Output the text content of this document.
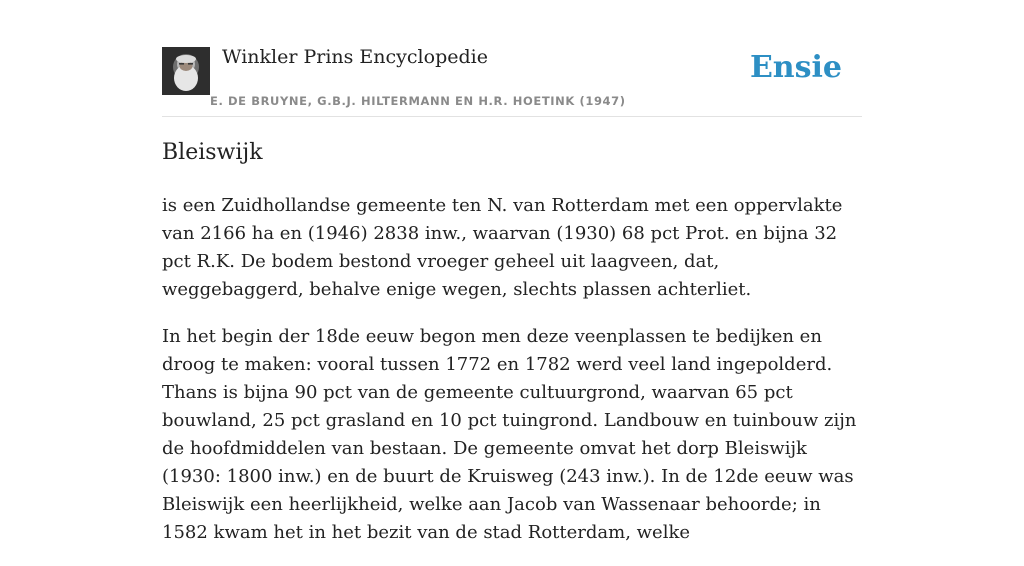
Winkler Prins Encyclopedie
E. DE BRUYNE, G.B.J. HILTERMANN EN H.R. HOETINK (1947)
Ensie
Bleiswijk

is een Zuidhollandse gemeente ten N. van Rotterdam met een oppervlakte van 2166 ha en (1946) 2838 inw., waarvan (1930) 68 pct Prot. en bijna 32 pct R.K. De bodem bestond vroeger geheel uit laagveen, dat, weggebaggerd, behalve enige wegen, slechts plassen achterliet.

In het begin der 18de eeuw begon men deze veenplassen te bedijken en droog te maken: vooral tussen 1772 en 1782 werd veel land ingepolderd. Thans is bijna 90 pct van de gemeente cultuurgrond, waarvan 65 pct bouwland, 25 pct grasland en 10 pct tuingrond. Landbouw en tuinbouw zijn de hoofdmiddelen van bestaan. De gemeente omvat het dorp Bleiswijk (1930: 1800 inw.) en de buurt de Kruisweg (243 inw.). In de 12de eeuw was Bleiswijk een heerlijkheid, welke aan Jacob van Wassenaar behoorde; in 1582 kwam het in het bezit van de stad Rotterdam, welke
